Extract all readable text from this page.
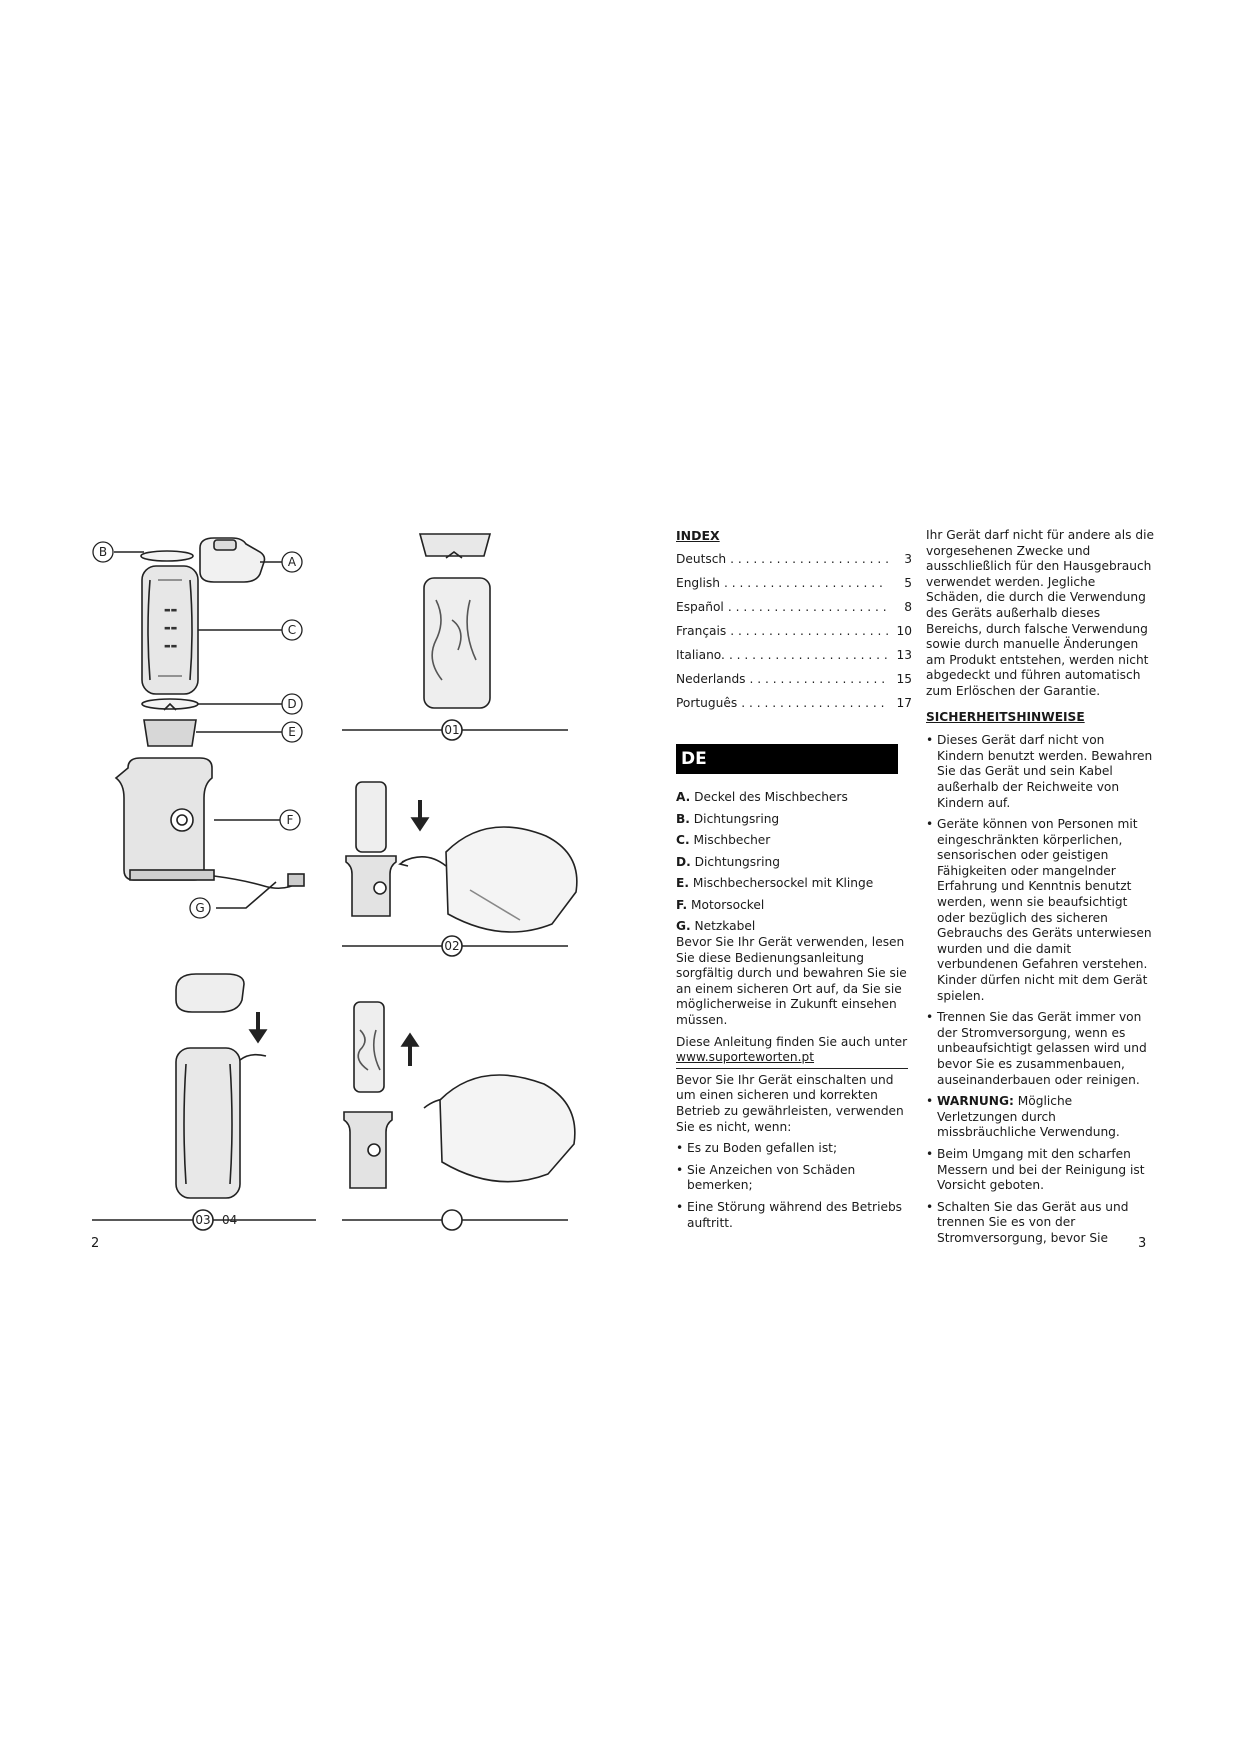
▬▬
▬▬
▬▬
B
A
C
D
E
F
G
01
02
03 04
INDEX
Deutsch . . .	3
English . . .	5
Español . . .	8
Français . . .	10
Italiano. . . .	13
Nederlands . . .	15
Português . . .	17
DE
A. Deckel des Mischbechers
B. Dichtungsring
C. Mischbecher
D. Dichtungsring
E. Mischbechersockel mit Klinge
F. Motorsockel
G. Netzkabel

Bevor Sie Ihr Gerät verwenden, lesen Sie diese Bedienungsanleitung sorgfältig durch und bewahren Sie sie an einem sicheren Ort auf, da Sie sie möglicherweise in Zukunft einsehen müssen.

Diese Anleitung finden Sie auch unter
www.suporteworten.pt

Bevor Sie Ihr Gerät einschalten und um einen sicheren und korrekten Betrieb zu gewährleisten, verwenden Sie es nicht, wenn:

• Es zu Boden gefallen ist;
• Sie Anzeichen von Schäden bemerken;
• Eine Störung während des Betriebs auftritt.

Ihr Gerät darf nicht für andere als die vorgesehenen Zwecke und ausschließlich für den Hausgebrauch verwendet werden. Jegliche Schäden, die durch die Verwendung des Geräts außerhalb dieses Bereichs, durch falsche Verwendung sowie durch manuelle Änderungen am Produkt entstehen, werden nicht abgedeckt und führen automatisch zum Erlöschen der Garantie.

SICHERHEITSHINWEISE
• Dieses Gerät darf nicht von Kindern benutzt werden. Bewahren Sie das Gerät und sein Kabel außerhalb der Reichweite von Kindern auf.
• Geräte können von Personen mit eingeschränkten körperlichen, sensorischen oder geistigen Fähigkeiten oder mangelnder Erfahrung und Kenntnis benutzt werden, wenn sie beaufsichtigt oder bezüglich des sicheren Gebrauchs des Geräts unterwiesen wurden und die damit verbundenen Gefahren verstehen. Kinder dürfen nicht mit dem Gerät spielen.
• Trennen Sie das Gerät immer von der Stromversorgung, wenn es unbeaufsichtigt gelassen wird und bevor Sie es zusammenbauen, auseinanderbauen oder reinigen.
• WARNUNG: Mögliche Verletzungen durch missbräuchliche Verwendung.
• Beim Umgang mit den scharfen Messern und bei der Reinigung ist Vorsicht geboten.
• Schalten Sie das Gerät aus und trennen Sie es von der Stromversorgung, bevor Sie
2	3
